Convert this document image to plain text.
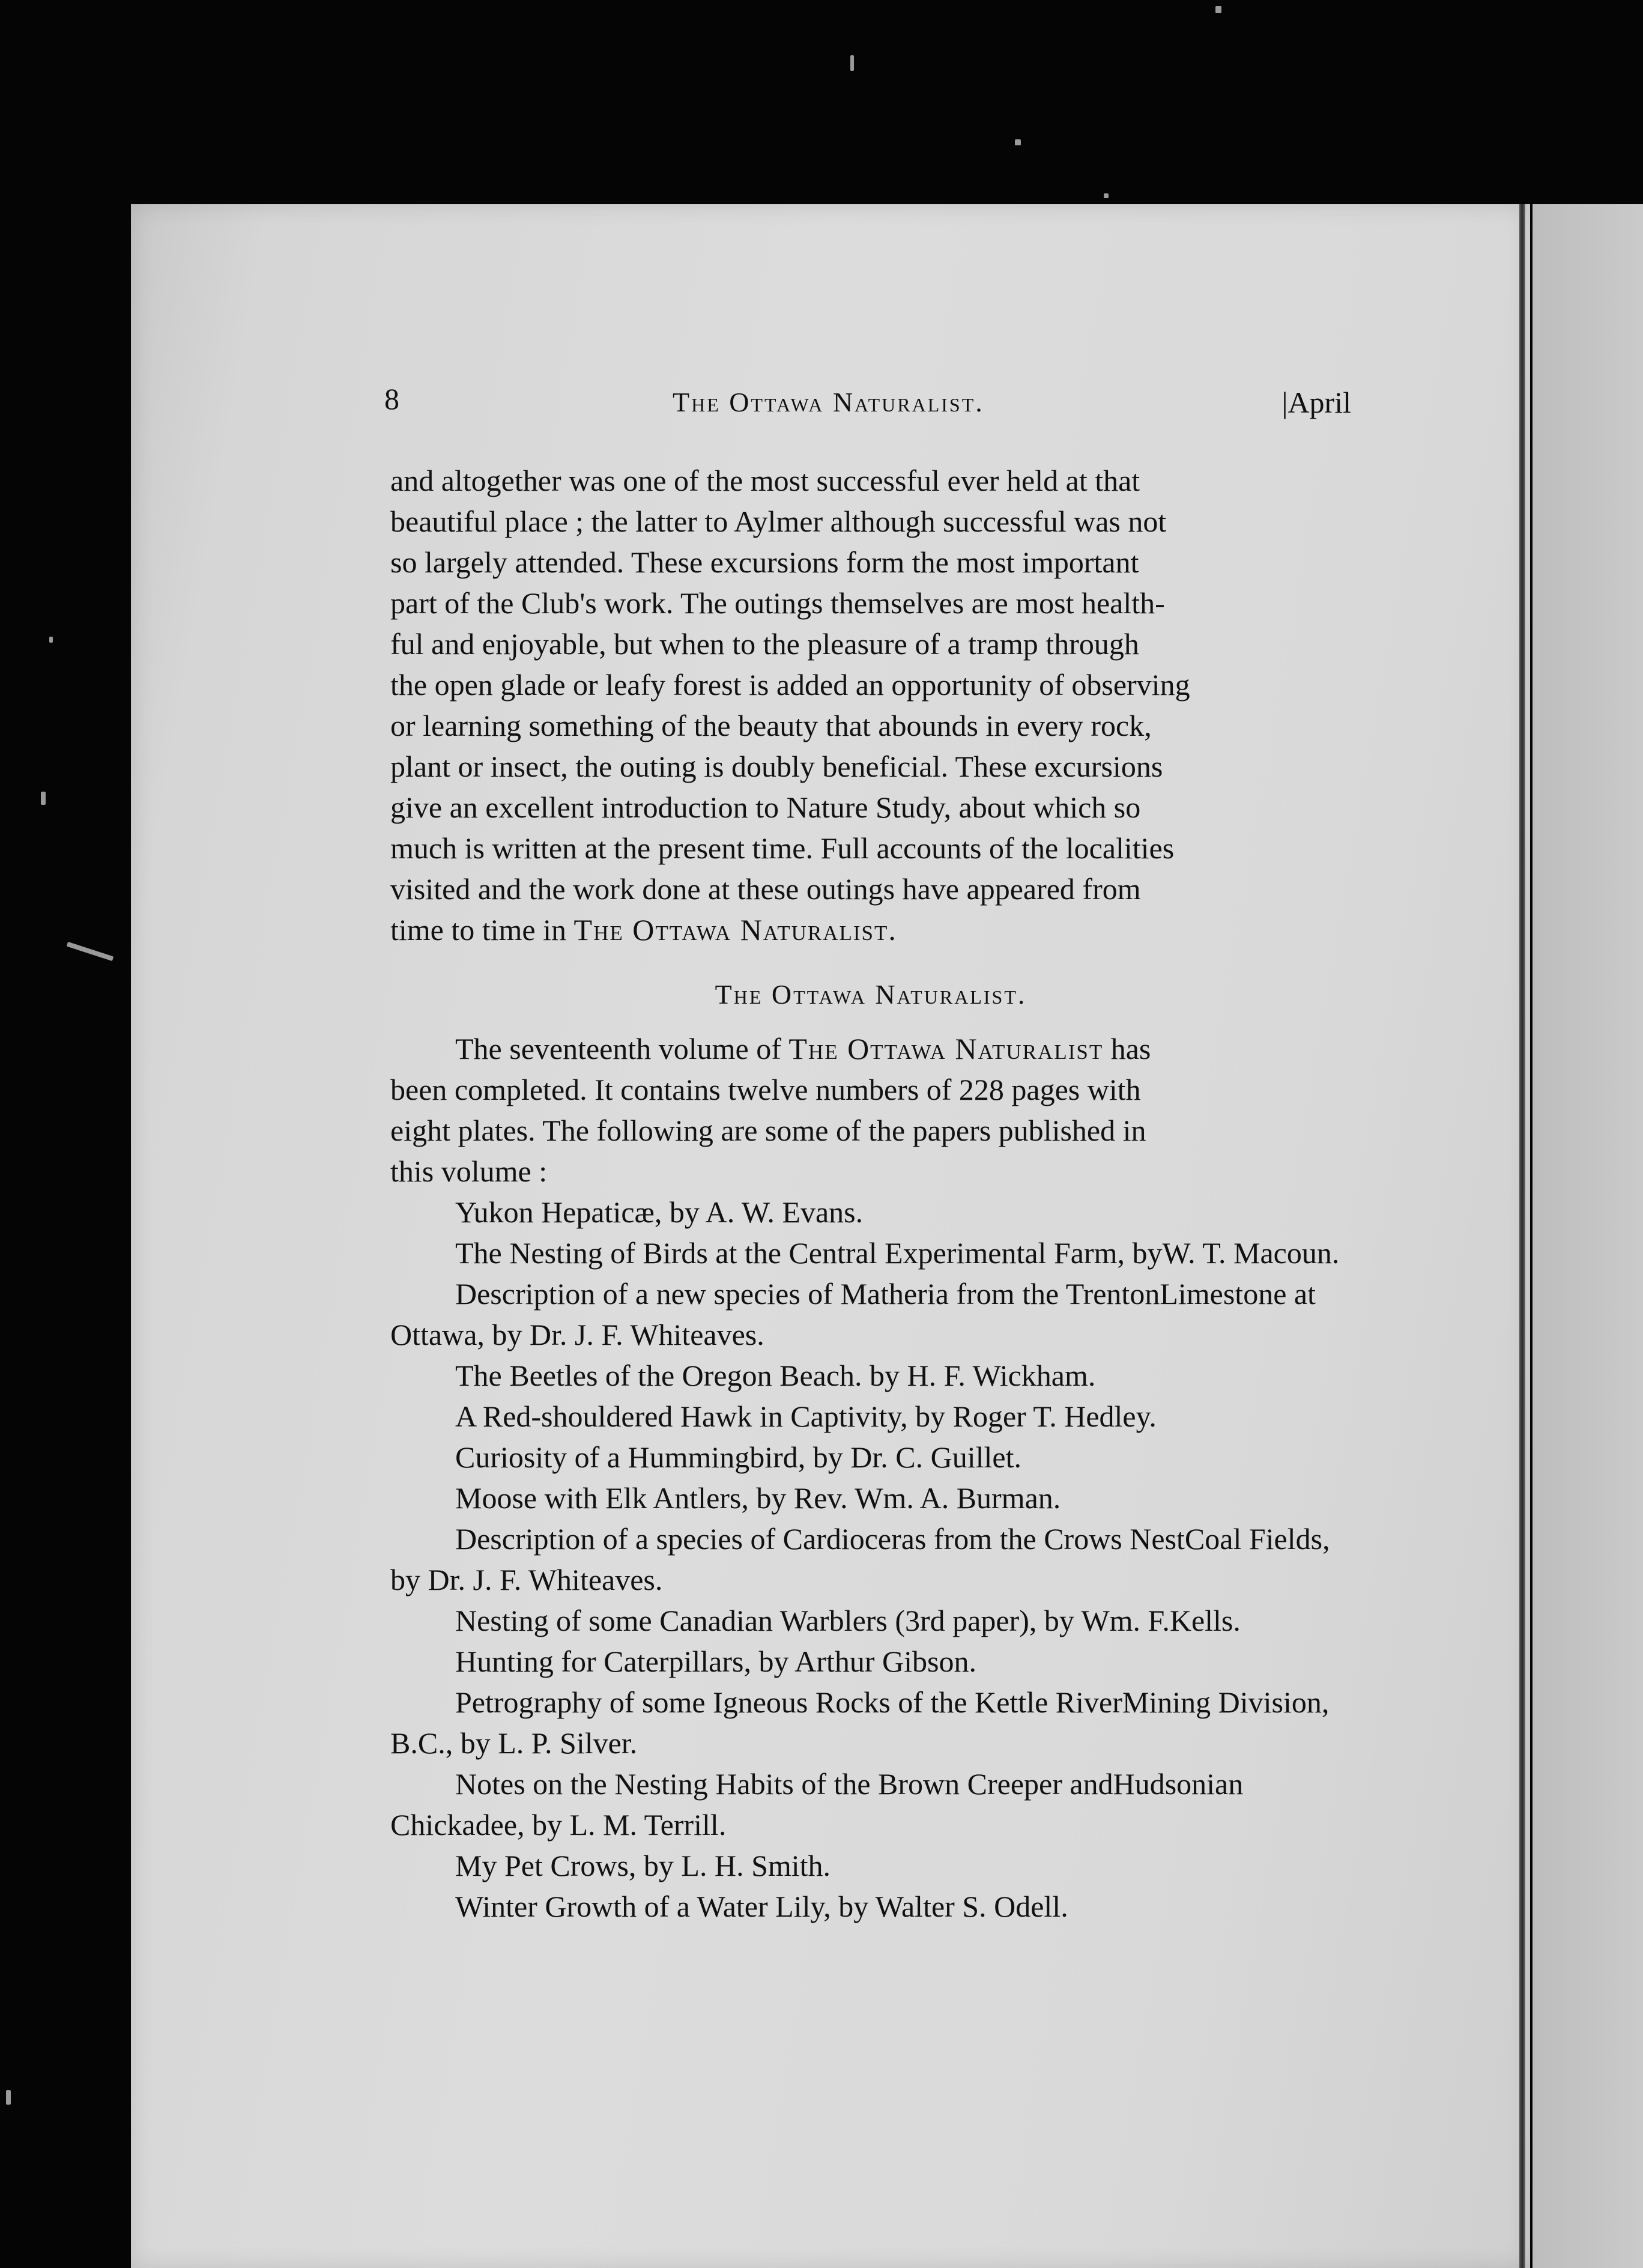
8	The Ottawa Naturalist.	|April

and altogether was one of the most successful ever held at that
beautiful place ; the latter to Aylmer although successful was not
so largely attended. These excursions form the most important
part of the Club's work. The outings themselves are most health-
ful and enjoyable, but when to the pleasure of a tramp through
the open glade or leafy forest is added an opportunity of observing
or learning something of the beauty that abounds in every rock,
plant or insect, the outing is doubly beneficial. These excursions
give an excellent introduction to Nature Study, about which so
much is written at the present time. Full accounts of the localities
visited and the work done at these outings have appeared from

time to time in The Ottawa Naturalist.

The Ottawa Naturalist.

The seventeenth volume of The Ottawa Naturalist has

been completed. It contains twelve numbers of 228 pages with
eight plates. The following are some of the papers published in
this volume :

Yukon Hepaticæ, by A. W. Evans.
The Nesting of Birds at the Central Experimental Farm, byW. T. Macoun.
Description of a new species of Matheria from the TrentonLimestone at Ottawa, by Dr. J. F. Whiteaves.
The Beetles of the Oregon Beach. by H. F. Wickham.
A Red-shouldered Hawk in Captivity, by Roger T. Hedley.
Curiosity of a Hummingbird, by Dr. C. Guillet.
Moose with Elk Antlers, by Rev. Wm. A. Burman.
Description of a species of Cardioceras from the Crows NestCoal Fields, by Dr. J. F. Whiteaves.
Nesting of some Canadian Warblers (3rd paper), by Wm. F.Kells.
Hunting for Caterpillars, by Arthur Gibson.
Petrography of some Igneous Rocks of the Kettle RiverMining Division, B.C., by L. P. Silver.
Notes on the Nesting Habits of the Brown Creeper andHudsonian Chickadee, by L. M. Terrill.
My Pet Crows, by L. H. Smith.
Winter Growth of a Water Lily, by Walter S. Odell.
